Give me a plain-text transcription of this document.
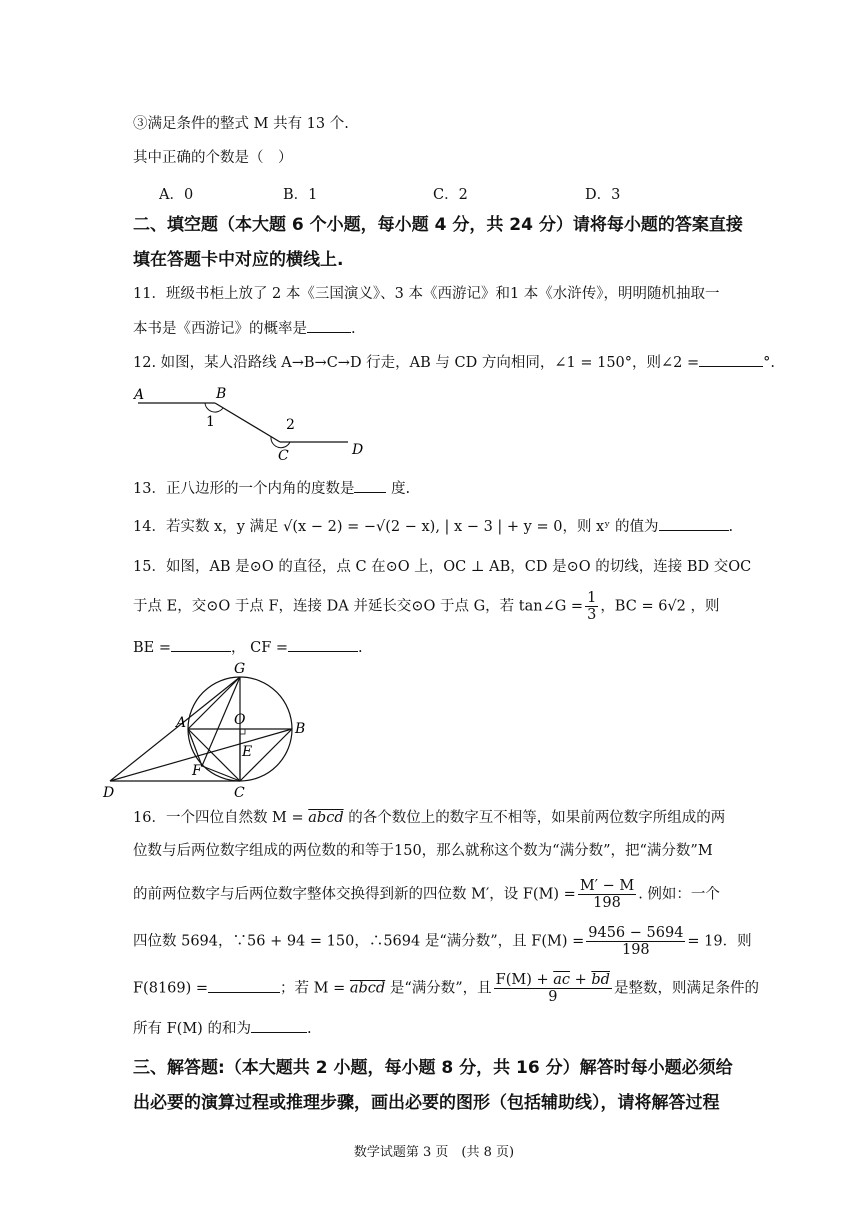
③满足条件的整式 M 共有 13 个.
其中正确的个数是（　）
A．0	B．1	C．2	D．3
二、填空题（本大题 6 个小题，每小题 4 分，共 24 分）请将每小题的答案直接
填在答题卡中对应的横线上.
11．班级书柜上放了 2 本《三国演义》、3 本《西游记》和1 本《水浒传》，明明随机抽取一
本书是《西游记》的概率是	.
12. 如图，某人沿路线 A→B→C→D 行走，AB 与 CD 方向相同，∠1 = 150°，则∠2 =	°.
A	B
1	2
C	D
13．正八边形的一个内角的度数是	度.
14．若实数 x，y 满足 √(x − 2) = −√(2 − x), | x − 3 | + y = 0，则 xʸ 的值为	.
15．如图，AB 是⊙O 的直径，点 C 在⊙O 上，OC ⊥ AB，CD 是⊙O 的切线，连接 BD 交OC
于点 E，交⊙O 于点 F，连接 DA 并延长交⊙O 于点 G，若 tan∠G = $\frac{1}{3}$ ，BC = 6√2 ，则
BE =	， CF =	.
G
A	O
B
E
F
D	C
16．一个四位自然数 M = abcd 的各个数位上的数字互不相等，如果前两位数字所组成的两
位数与后两位数字组成的两位数的和等于150，那么就称这个数为“满分数”，把“满分数”M
的前两位数字与后两位数字整体交换得到新的四位数 M′，设 $F(M) = \frac{M' - M}{198}$ . 例如：一个
四位数 5694，∵56 + 94 = 150，∴5694 是“满分数”，且 $F(M) = \frac{9456 - 5694}{198} = 19$．则
F(8169) =	；若 M = abcd 是“满分数”，且 $\frac{F(M) + \overline{ac} + \overline{bd}}{9}$ 是整数，则满足条件的
所有 F(M) 的和为	.
三、解答题:（本大题共 2 小题，每小题 8 分，共 16 分）解答时每小题必须给
出必要的演算过程或推理步骤，画出必要的图形（包括辅助线），请将解答过程
数学试题第 3 页　(共 8 页)
